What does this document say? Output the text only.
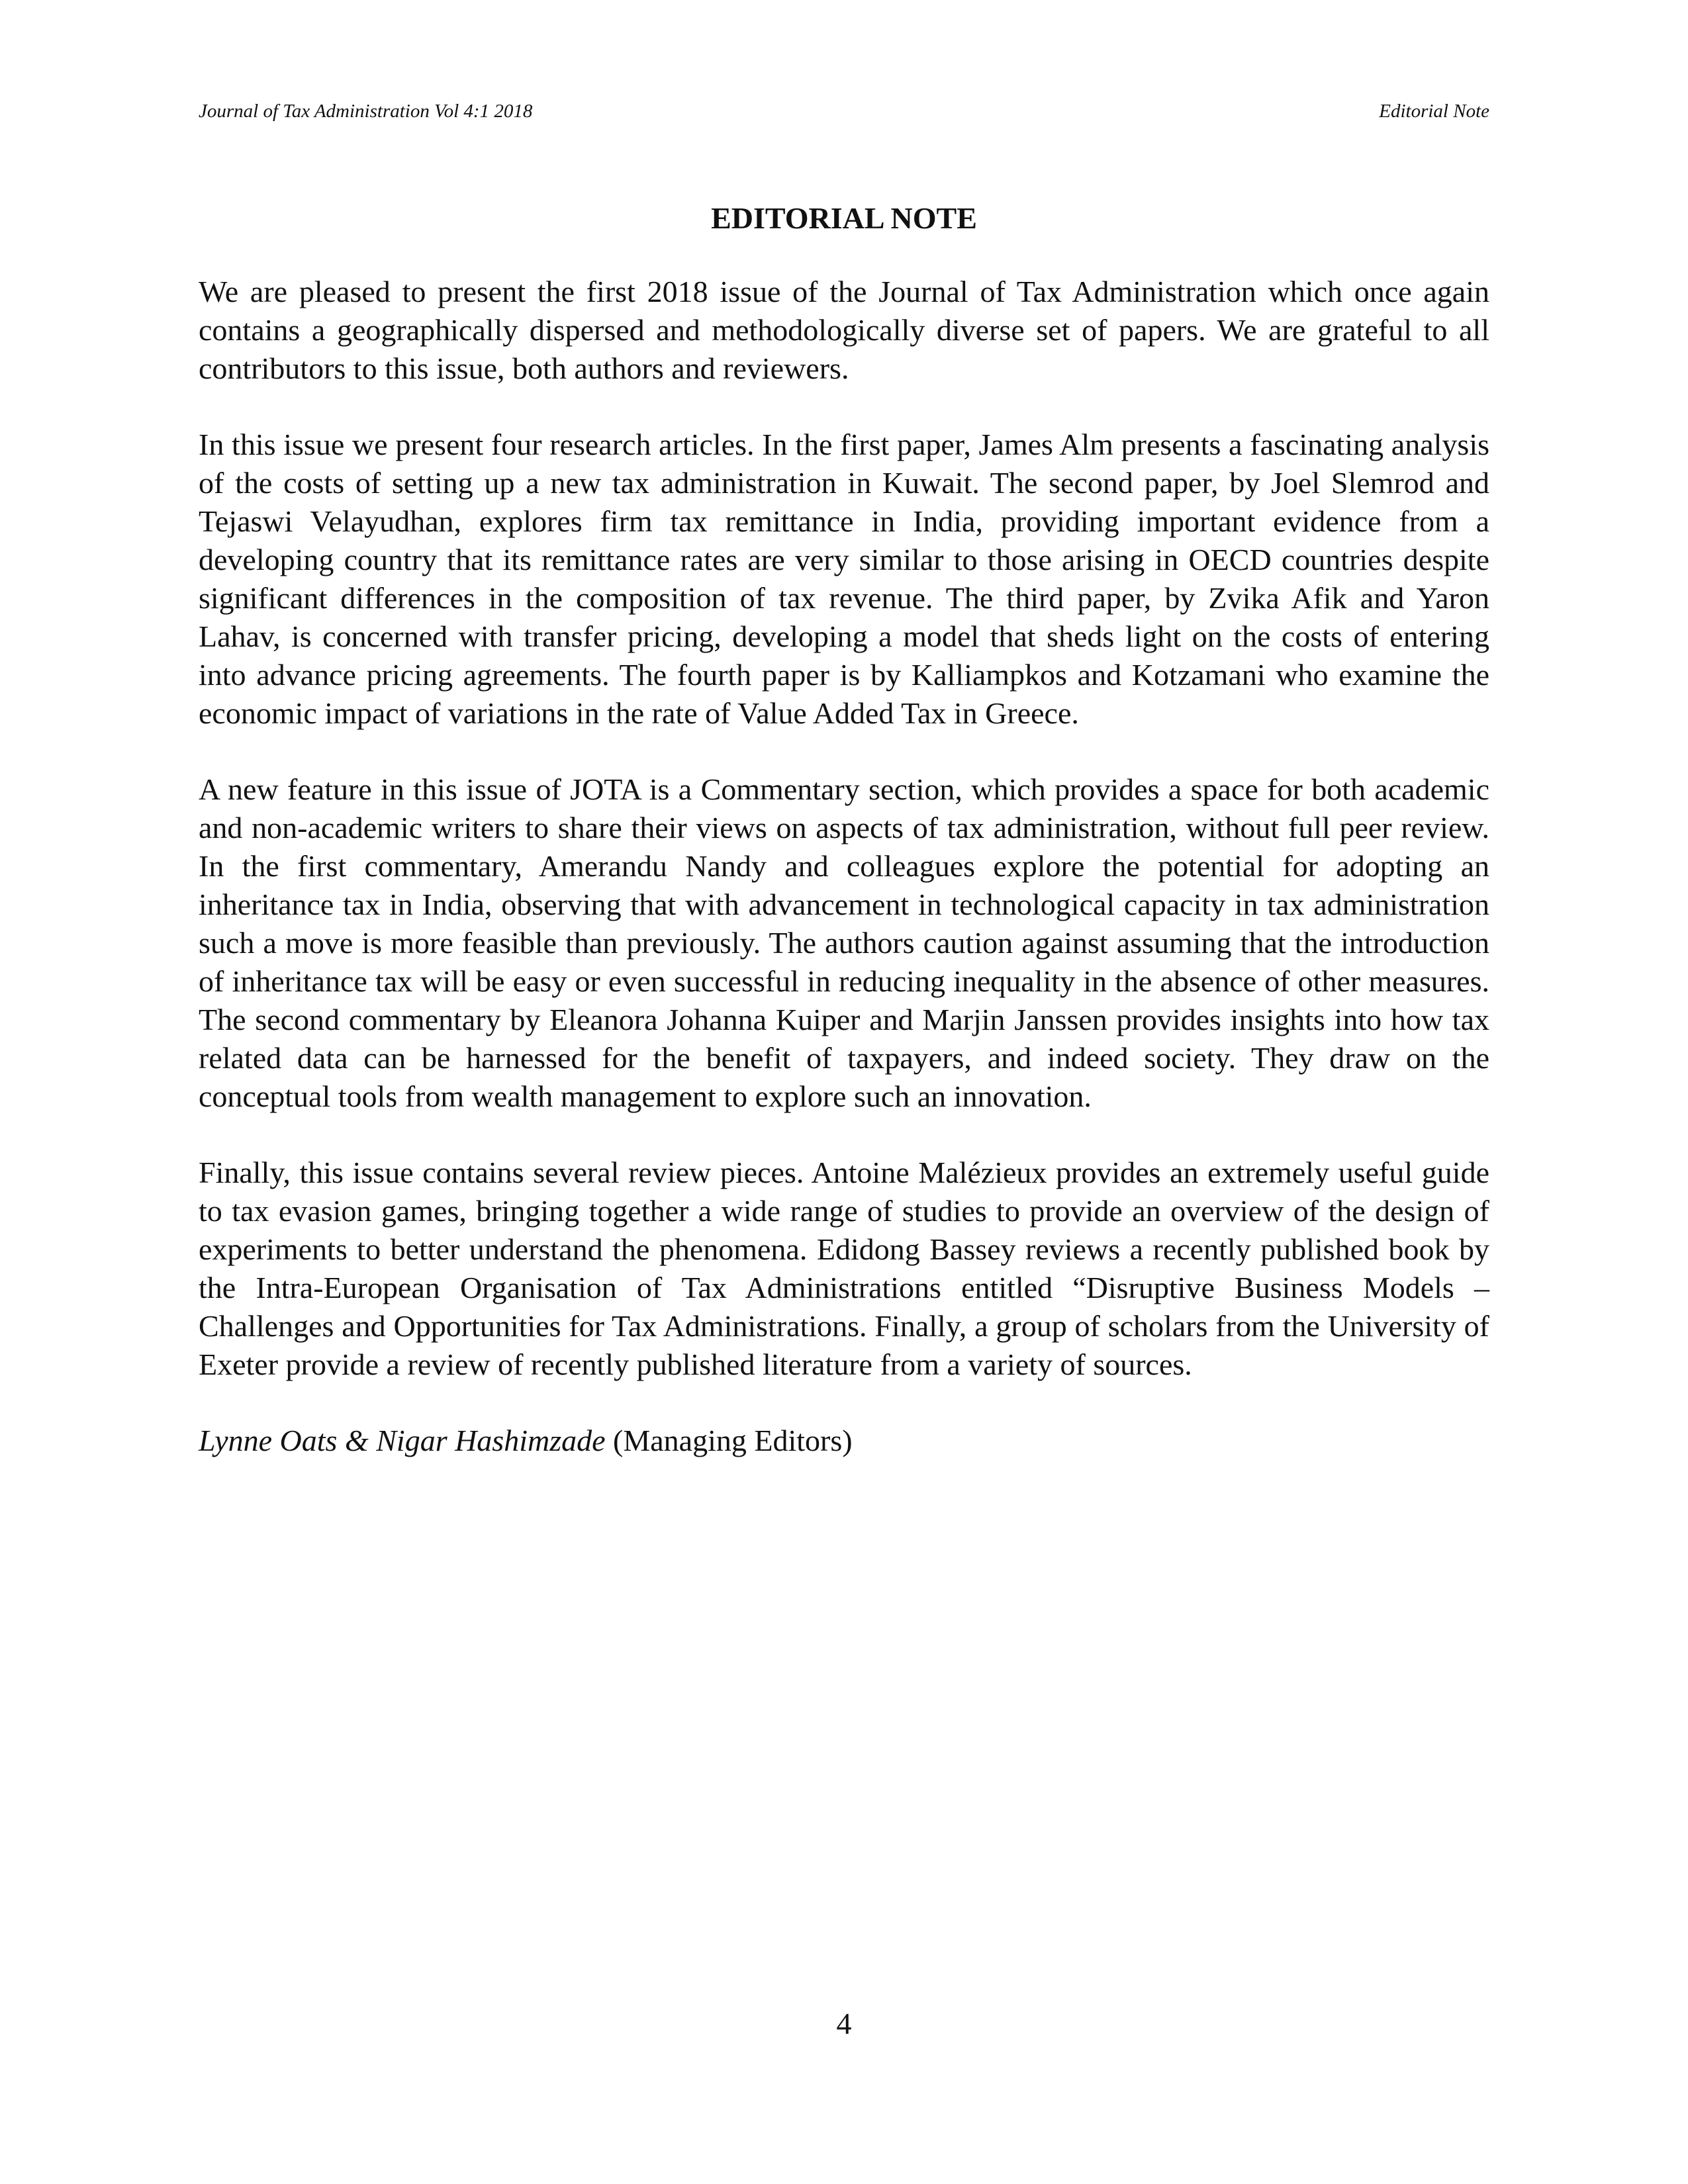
Journal of Tax Administration Vol 4:1 2018	Editorial Note
EDITORIAL NOTE

We are pleased to present the first 2018 issue of the Journal of Tax Administration which once again contains a geographically dispersed and methodologically diverse set of papers. We are grateful to all contributors to this issue, both authors and reviewers.

In this issue we present four research articles. In the first paper, James Alm presents a fascinating analysis of the costs of setting up a new tax administration in Kuwait. The second paper, by Joel Slemrod and Tejaswi Velayudhan, explores firm tax remittance in India, providing important evidence from a developing country that its remittance rates are very similar to those arising in OECD countries despite significant differences in the composition of tax revenue. The third paper, by Zvika Afik and Yaron Lahav, is concerned with transfer pricing, developing a model that sheds light on the costs of entering into advance pricing agreements. The fourth paper is by Kalliampkos and Kotzamani who examine the economic impact of variations in the rate of Value Added Tax in Greece.

A new feature in this issue of JOTA is a Commentary section, which provides a space for both academic and non-academic writers to share their views on aspects of tax administration, without full peer review. In the first commentary, Amerandu Nandy and colleagues explore the potential for adopting an inheritance tax in India, observing that with advancement in technological capacity in tax administration such a move is more feasible than previously. The authors caution against assuming that the introduction of inheritance tax will be easy or even successful in reducing inequality in the absence of other measures. The second commentary by Eleanora Johanna Kuiper and Marjin Janssen provides insights into how tax related data can be harnessed for the benefit of taxpayers, and indeed society. They draw on the conceptual tools from wealth management to explore such an innovation.

Finally, this issue contains several review pieces. Antoine Malézieux provides an extremely useful guide to tax evasion games, bringing together a wide range of studies to provide an overview of the design of experiments to better understand the phenomena. Edidong Bassey reviews a recently published book by the Intra-European Organisation of Tax Administrations entitled “Disruptive Business Models – Challenges and Opportunities for Tax Administrations. Finally, a group of scholars from the University of Exeter provide a review of recently published literature from a variety of sources.

Lynne Oats & Nigar Hashimzade (Managing Editors)
4
